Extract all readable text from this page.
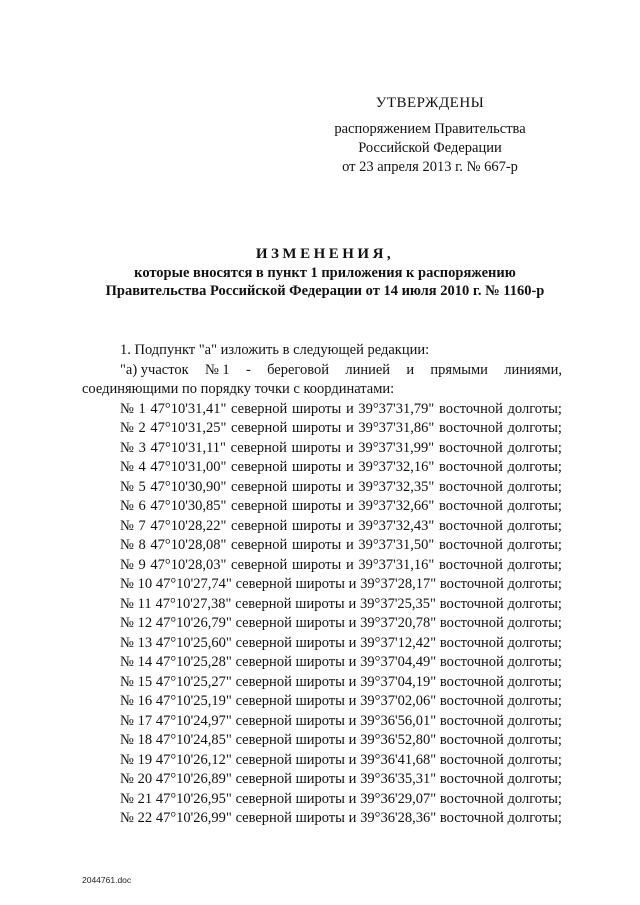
УТВЕРЖДЕНЫ
распоряжением Правительства
Российской Федерации
от 23 апреля 2013 г. № 667-р
ИЗМЕНЕНИЯ,
которые вносятся в пункт 1 приложения к распоряжению
Правительства Российской Федерации от 14 июля 2010 г. № 1160-р
1. Подпункт "а" изложить в следующей редакции:
"а) участок № 1 - береговой линией и прямыми линиями,
соединяющими по порядку точки с координатами:
№ 1 47°10'31,41" северной широты и 39°37'31,79" восточной долготы;
№ 2 47°10'31,25" северной широты и 39°37'31,86" восточной долготы;
№ 3 47°10'31,11" северной широты и 39°37'31,99" восточной долготы;
№ 4 47°10'31,00" северной широты и 39°37'32,16" восточной долготы;
№ 5 47°10'30,90" северной широты и 39°37'32,35" восточной долготы;
№ 6 47°10'30,85" северной широты и 39°37'32,66" восточной долготы;
№ 7 47°10'28,22" северной широты и 39°37'32,43" восточной долготы;
№ 8 47°10'28,08" северной широты и 39°37'31,50" восточной долготы;
№ 9 47°10'28,03" северной широты и 39°37'31,16" восточной долготы;
№ 10 47°10'27,74" северной широты и 39°37'28,17" восточной долготы;
№ 11 47°10'27,38" северной широты и 39°37'25,35" восточной долготы;
№ 12 47°10'26,79" северной широты и 39°37'20,78" восточной долготы;
№ 13 47°10'25,60" северной широты и 39°37'12,42" восточной долготы;
№ 14 47°10'25,28" северной широты и 39°37'04,49" восточной долготы;
№ 15 47°10'25,27" северной широты и 39°37'04,19" восточной долготы;
№ 16 47°10'25,19" северной широты и 39°37'02,06" восточной долготы;
№ 17 47°10'24,97" северной широты и 39°36'56,01" восточной долготы;
№ 18 47°10'24,85" северной широты и 39°36'52,80" восточной долготы;
№ 19 47°10'26,12" северной широты и 39°36'41,68" восточной долготы;
№ 20 47°10'26,89" северной широты и 39°36'35,31" восточной долготы;
№ 21 47°10'26,95" северной широты и 39°36'29,07" восточной долготы;
№ 22 47°10'26,99" северной широты и 39°36'28,36" восточной долготы;
2044761.doc
